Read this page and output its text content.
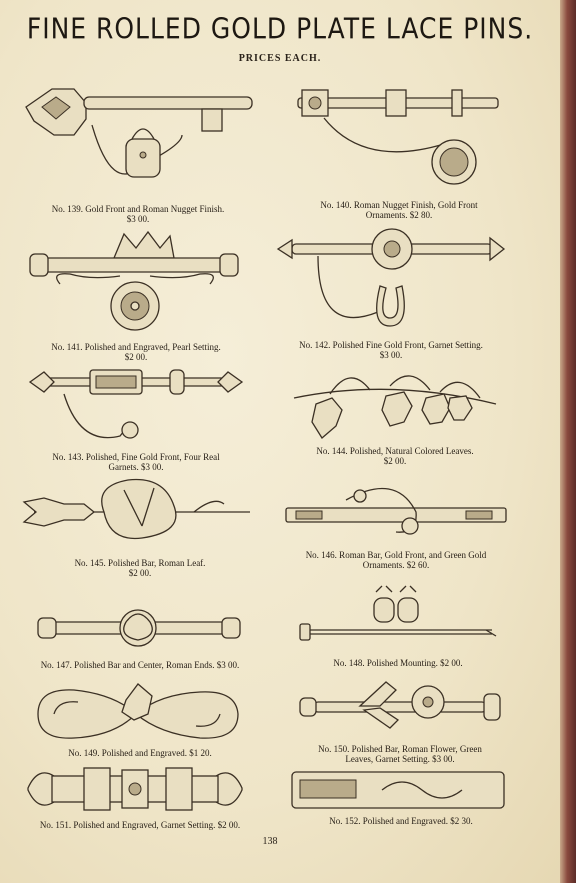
FINE ROLLED GOLD PLATE LACE PINS.
PRICES EACH.
No. 139. Gold Front and Roman Nugget Finish.
$3 00.
No. 140. Roman Nugget Finish, Gold Front
Ornaments. $2 80.
No. 141. Polished and Engraved, Pearl Setting.
$2 00.
No. 142. Polished Fine Gold Front, Garnet Setting.
$3 00.
No. 143. Polished, Fine Gold Front, Four Real
Garnets. $3 00.
No. 144. Polished, Natural Colored Leaves.
$2 00.
No. 145. Polished Bar, Roman Leaf.
$2 00.
No. 146. Roman Bar, Gold Front, and Green Gold
Ornaments. $2 60.
No. 147. Polished Bar and Center, Roman Ends. $3 00.	No. 148. Polished Mounting. $2 00.
No. 149. Polished and Engraved. $1 20.	No. 150. Polished Bar, Roman Flower, Green
Leaves, Garnet Setting. $3 00.
No. 151. Polished and Engraved, Garnet Setting. $2 00.	No. 152. Polished and Engraved. $2 30.
138
